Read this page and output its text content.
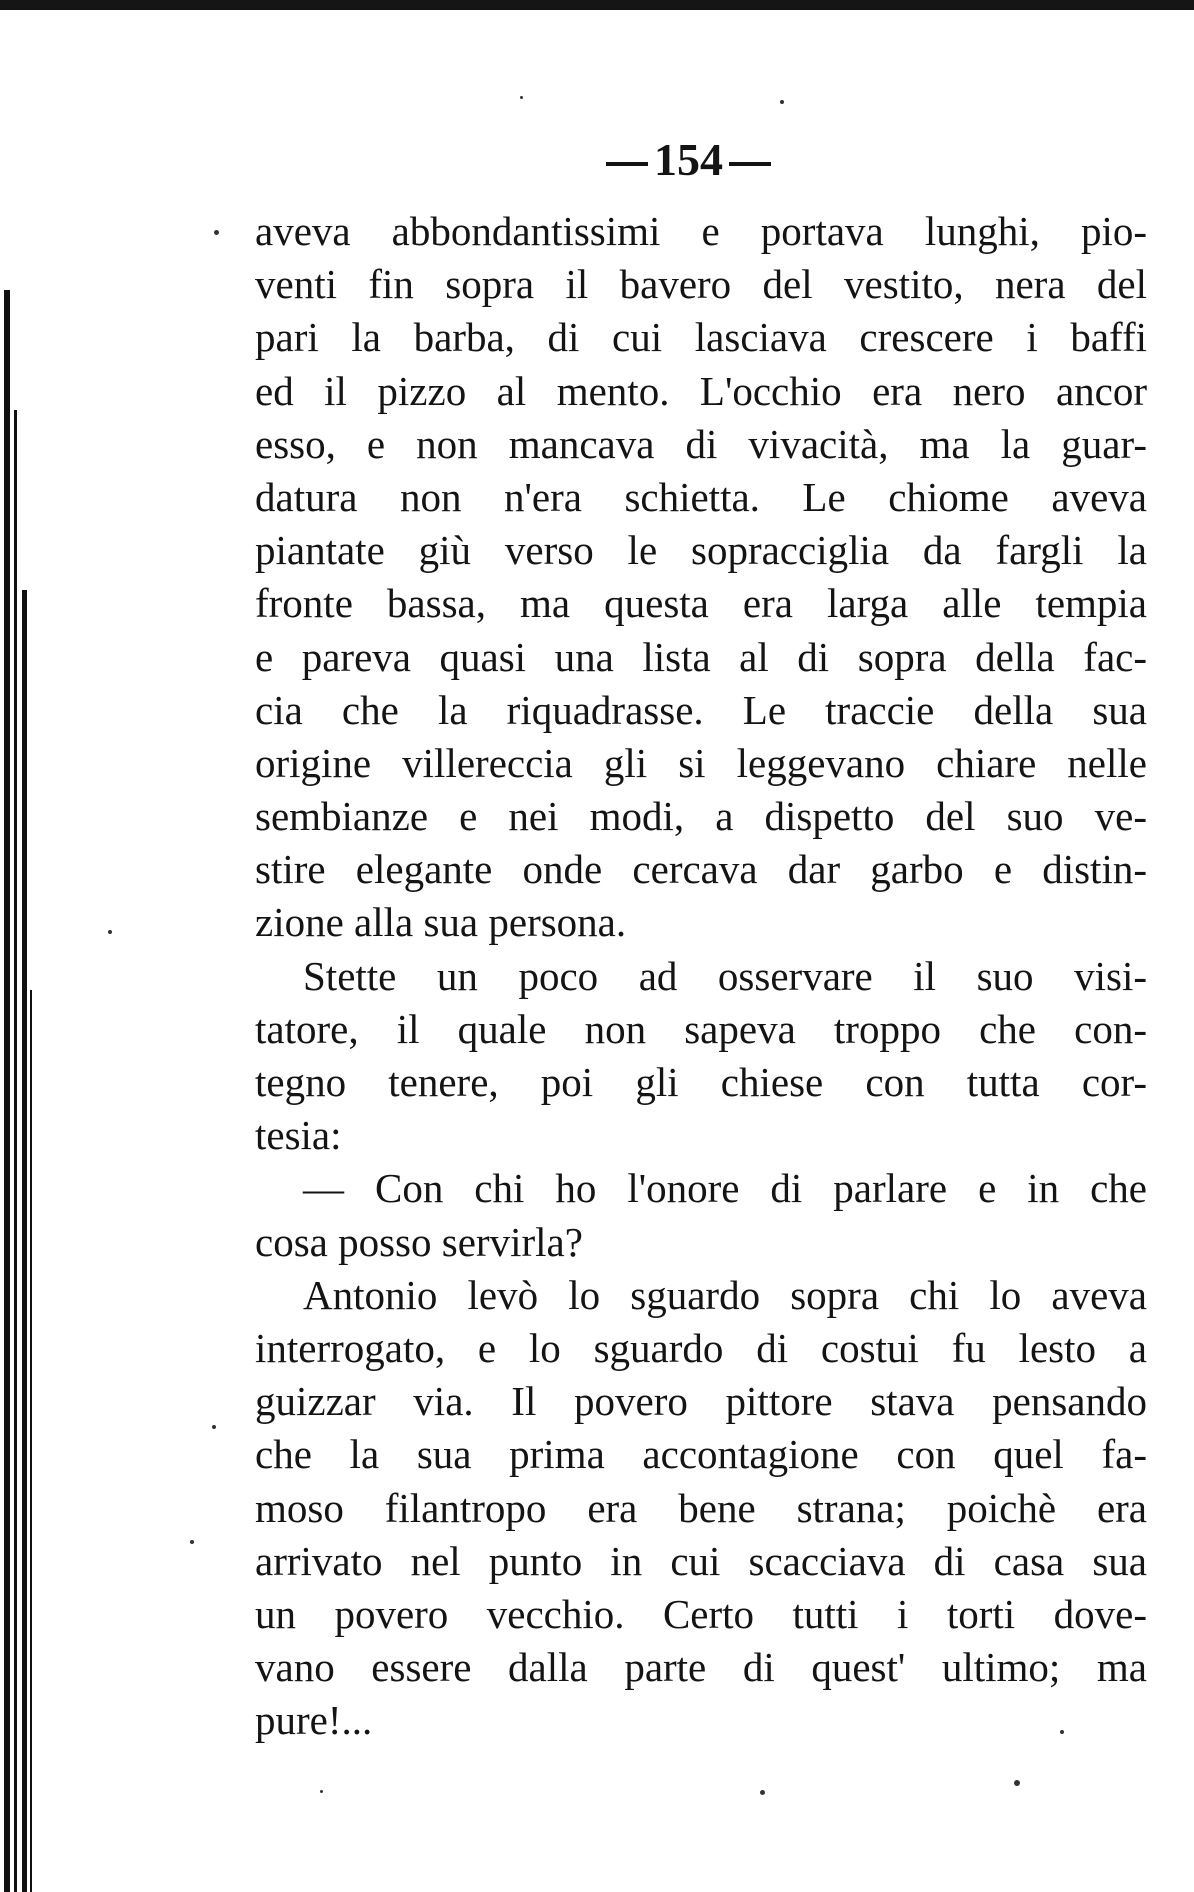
154
aveva abbondantissimi e portava lunghi, pio-
venti fin sopra il bavero del vestito, nera del
pari la barba, di cui lasciava crescere i baffi
ed il pizzo al mento. L'occhio era nero ancor
esso, e non mancava di vivacità, ma la guar-
datura non n'era schietta. Le chiome aveva
piantate giù verso le sopracciglia da fargli la
fronte bassa, ma questa era larga alle tempia
e pareva quasi una lista al di sopra della fac-
cia che la riquadrasse. Le traccie della sua
origine villereccia gli si leggevano chiare nelle
sembianze e nei modi, a dispetto del suo ve-
stire elegante onde cercava dar garbo e distin-
zione alla sua persona.
Stette un poco ad osservare il suo visi-
tatore, il quale non sapeva troppo che con-
tegno tenere, poi gli chiese con tutta cor-
tesia:
— Con chi ho l'onore di parlare e in che
cosa posso servirla?
Antonio levò lo sguardo sopra chi lo aveva
interrogato, e lo sguardo di costui fu lesto a
guizzar via. Il povero pittore stava pensando
che la sua prima accontagione con quel fa-
moso filantropo era bene strana; poichè era
arrivato nel punto in cui scacciava di casa sua
un povero vecchio. Certo tutti i torti dove-
vano essere dalla parte di quest' ultimo; ma
pure!...
